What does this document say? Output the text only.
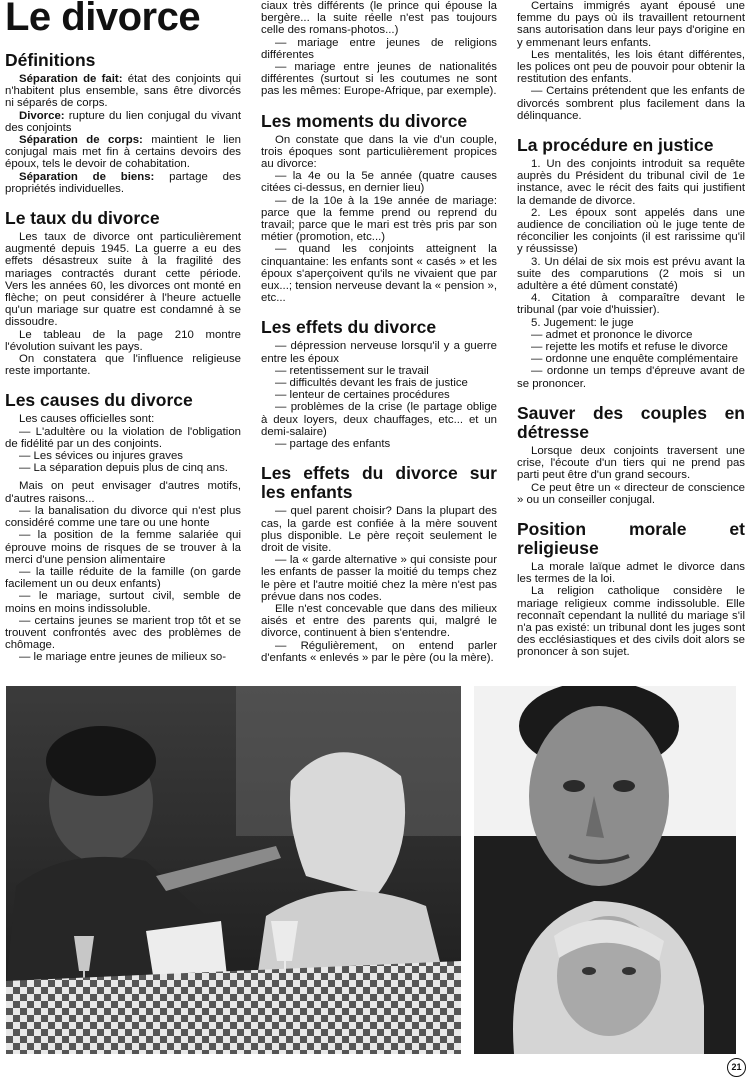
Le divorce
Définitions

Séparation de fait: état des conjoints qui n'habitent plus ensemble, sans être divorcés ni séparés de corps.

Divorce: rupture du lien conjugal du vivant des conjoints

Séparation de corps: maintient le lien conjugal mais met fin à certains devoirs des époux, tels le devoir de cohabitation.

Séparation de biens: partage des propriétés individuelles.

Le taux du divorce

Les taux de divorce ont particulièrement augmenté depuis 1945. La guerre a eu des effets désastreux suite à la fragilité des mariages contractés durant cette période. Vers les années 60, les divorces ont monté en flèche; on peut considérer à l'heure actuelle qu'un mariage sur quatre est condamné à se dissoudre.

Le tableau de la page 210 montre l'évolution suivant les pays.

On constatera que l'influence religieuse reste importante.

Les causes du divorce

Les causes officielles sont:

— L'adultère ou la violation de l'obligation de fidélité par un des conjoints.

— Les sévices ou injures graves

— La séparation depuis plus de cinq ans.

Mais on peut envisager d'autres motifs, d'autres raisons...

— la banalisation du divorce qui n'est plus considéré comme une tare ou une honte

— la position de la femme salariée qui éprouve moins de risques de se trouver à la merci d'une pension alimentaire

— la taille réduite de la famille (on garde facilement un ou deux enfants)

— le mariage, surtout civil, semble de moins en moins indissoluble.

— certains jeunes se marient trop tôt et se trouvent confrontés avec des problèmes de chômage.

— le mariage entre jeunes de milieux so-

ciaux très différents (le prince qui épouse la bergère... la suite réelle n'est pas toujours celle des romans-photos...)

— mariage entre jeunes de religions différentes

— mariage entre jeunes de nationalités différentes (surtout si les coutumes ne sont pas les mêmes: Europe-Afrique, par exemple).

Les moments du divorce

On constate que dans la vie d'un couple, trois époques sont particulièrement propices au divorce:

— la 4e ou la 5e année (quatre causes citées ci-dessus, en dernier lieu)

— de la 10e à la 19e année de mariage: parce que la femme prend ou reprend du travail; parce que le mari est très pris par son métier (promotion, etc...)

— quand les conjoints atteignent la cinquantaine: les enfants sont « casés » et les époux s'aperçoivent qu'ils ne vivaient que par eux...; tension nerveuse devant la « pension », etc...

Les effets du divorce

— dépression nerveuse lorsqu'il y a guerre entre les époux

— retentissement sur le travail

— difficultés devant les frais de justice

— lenteur de certaines procédures

— problèmes de la crise (le partage oblige à deux loyers, deux chauffages, etc... et un demi-salaire)

— partage des enfants

Les effets du divorce sur les enfants

— quel parent choisir? Dans la plupart des cas, la garde est confiée à la mère souvent plus disponible. Le père reçoit seulement le droit de visite.

— la « garde alternative » qui consiste pour les enfants de passer la moitié du temps chez le père et l'autre moitié chez la mère n'est pas prévue dans nos codes.

Elle n'est concevable que dans des milieux aisés et entre des parents qui, malgré le divorce, continuent à bien s'entendre.

— Régulièrement, on entend parler d'enfants « enlevés » par le père (ou la mère).

Certains immigrés ayant épousé une femme du pays où ils travaillent retournent sans autorisation dans leur pays d'origine en y emmenant leurs enfants.

Les mentalités, les lois étant différentes, les polices ont peu de pouvoir pour obtenir la restitution des enfants.

— Certains prétendent que les enfants de divorcés sombrent plus facilement dans la délinquance.

La procédure en justice

1. Un des conjoints introduit sa requête auprès du Président du tribunal civil de 1e instance, avec le récit des faits qui justifient la demande de divorce.

2. Les époux sont appelés dans une audience de conciliation où le juge tente de réconcilier les conjoints (il est rarissime qu'il y réussisse)

3. Un délai de six mois est prévu avant la suite des comparutions (2 mois si un adultère a été dûment constaté)

4. Citation à comparaître devant le tribunal (par voie d'huissier).

5. Jugement: le juge

— admet et prononce le divorce

— rejette les motifs et refuse le divorce

— ordonne une enquête complémentaire

— ordonne un temps d'épreuve avant de se prononcer.

Sauver des couples en détresse

Lorsque deux conjoints traversent une crise, l'écoute d'un tiers qui ne prend pas parti peut être d'un grand secours.

Ce peut être un « directeur de conscience » ou un conseiller conjugal.

Position morale et religieuse

La morale laïque admet le divorce dans les termes de la loi.

La religion catholique considère le mariage religieux comme indissoluble. Elle reconnaît cependant la nullité du mariage s'il n'a pas existé: un tribunal dont les juges sont des ecclésiastiques et des civils doit alors se prononcer à son sujet.

21
